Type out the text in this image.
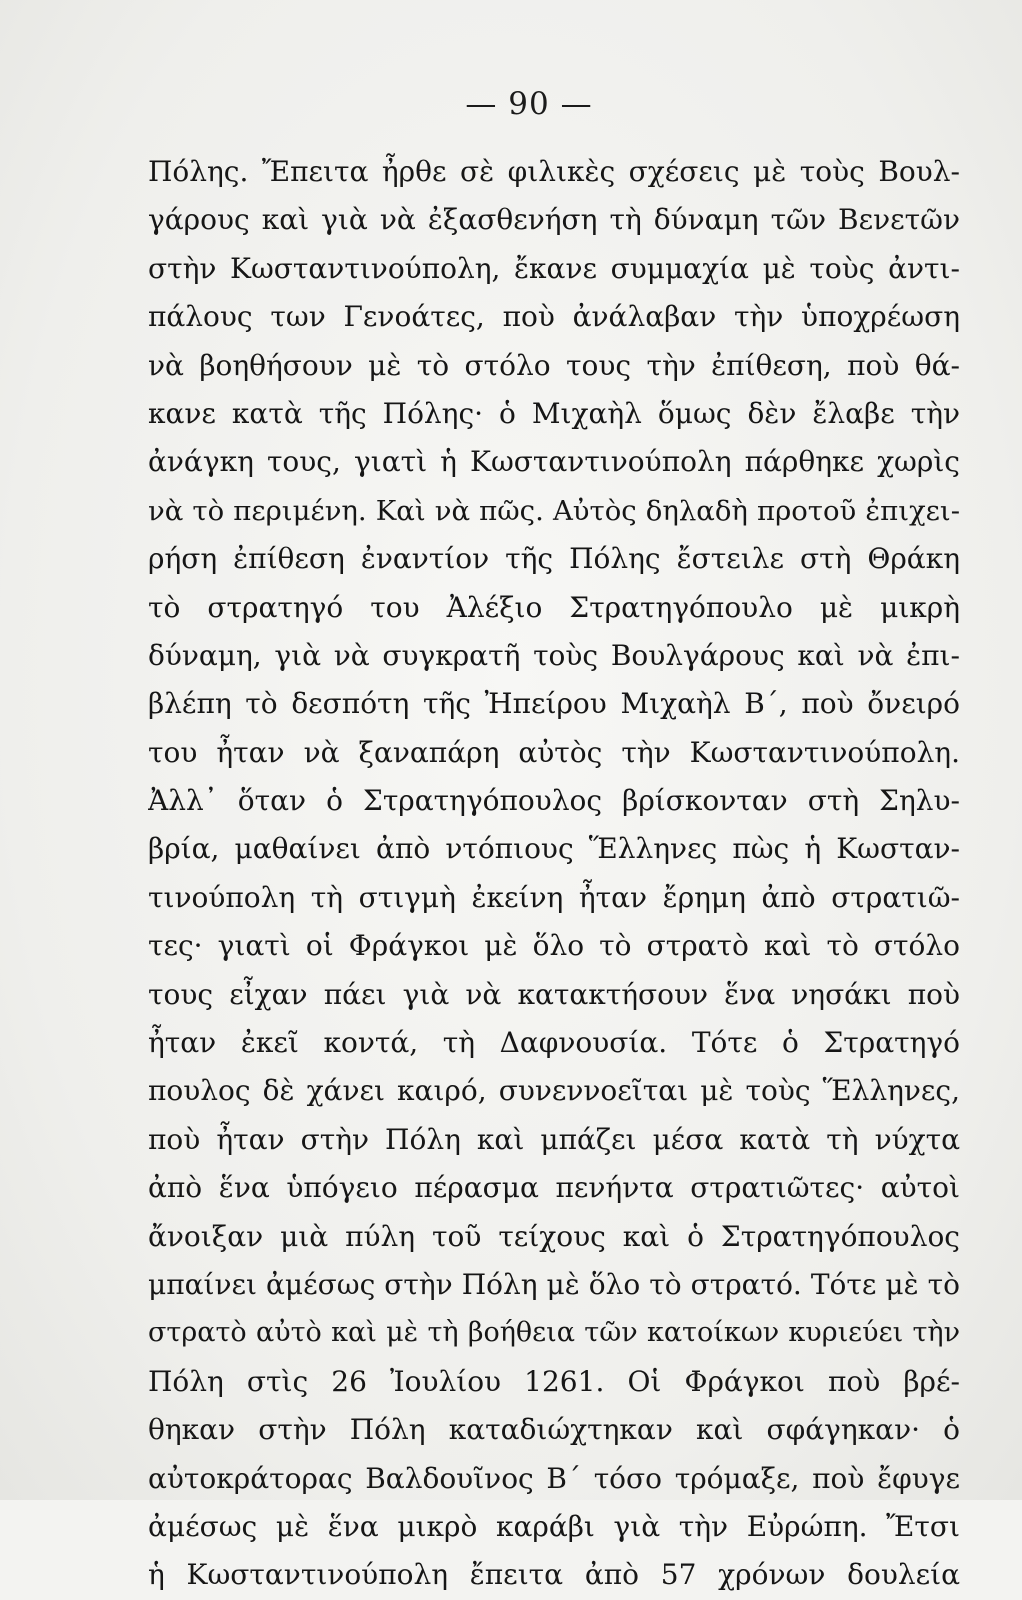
— 90 —
Πόλης. Ἔπειτα ἦρθε σὲ φιλικὲς σχέσεις μὲ τοὺς Βουλ-
γάρους καὶ γιὰ νὰ ἐξασθενήση τὴ δύναμη τῶν Βενετῶν
στὴν Κωσταντινούπολη, ἔκανε συμμαχία μὲ τοὺς ἀντι-
πάλους των Γενοάτες, ποὺ ἀνάλαβαν τὴν ὑποχρέωση
νὰ βοηθήσουν μὲ τὸ στόλο τους τὴν ἐπίθεση, ποὺ θά-
κανε κατὰ τῆς Πόλης· ὁ Μιχαὴλ ὅμως δὲν ἔλαβε τὴν
ἀνάγκη τους, γιατὶ ἡ Κωσταντινούπολη πάρθηκε χωρὶς
νὰ τὸ περιμένη. Καὶ νὰ πῶς. Αὐτὸς δηλαδὴ προτοῦ ἐπιχει-
ρήση ἐπίθεση ἐναντίον τῆς Πόλης ἔστειλε στὴ Θράκη
τὸ στρατηγό του Ἀλέξιο Στρατηγόπουλο μὲ μικρὴ
δύναμη, γιὰ νὰ συγκρατῆ τοὺς Βουλγάρους καὶ νὰ ἐπι-
βλέπη τὸ δεσπότη τῆς Ἠπείρου Μιχαὴλ Β΄, ποὺ ὄνειρό
του ἦταν νὰ ξαναπάρη αὐτὸς τὴν Κωσταντινούπολη.
Ἀλλ᾽ ὅταν ὁ Στρατηγόπουλος βρίσκονταν στὴ Σηλυ-
βρία, μαθαίνει ἀπὸ ντόπιους Ἕλληνες πὼς ἡ Κωσταν-
τινούπολη τὴ στιγμὴ ἐκείνη ἦταν ἔρημη ἀπὸ στρατιῶ-
τες· γιατὶ οἱ Φράγκοι μὲ ὅλο τὸ στρατὸ καὶ τὸ στόλο
τους εἶχαν πάει γιὰ νὰ κατακτήσουν ἕνα νησάκι ποὺ
ἦταν ἐκεῖ κοντά, τὴ Δαφνουσία. Τότε ὁ Στρατηγό
πουλος δὲ χάνει καιρό, συνεννοεῖται μὲ τοὺς Ἕλληνες,
ποὺ ἦταν στὴν Πόλη καὶ μπάζει μέσα κατὰ τὴ νύχτα
ἀπὸ ἕνα ὑπόγειο πέρασμα πενήντα στρατιῶτες· αὐτοὶ
ἄνοιξαν μιὰ πύλη τοῦ τείχους καὶ ὁ Στρατηγόπουλος
μπαίνει ἀμέσως στὴν Πόλη μὲ ὅλο τὸ στρατό. Τότε μὲ τὸ
στρατὸ αὐτὸ καὶ μὲ τὴ βοήθεια τῶν κατοίκων κυριεύει τὴν
Πόλη στὶς 26 Ἰουλίου 1261. Οἱ Φράγκοι ποὺ βρέ-
θηκαν στὴν Πόλη καταδιώχτηκαν καὶ σφάγηκαν· ὁ
αὐτοκράτορας Βαλδουῖνος Β΄ τόσο τρόμαξε, ποὺ ἔφυγε
ἀμέσως μὲ ἕνα μικρὸ καράβι γιὰ τὴν Εὐρώπη. Ἔτσι
ἡ Κωσταντινούπολη ἔπειτα ἀπὸ 57 χρόνων δουλεία
